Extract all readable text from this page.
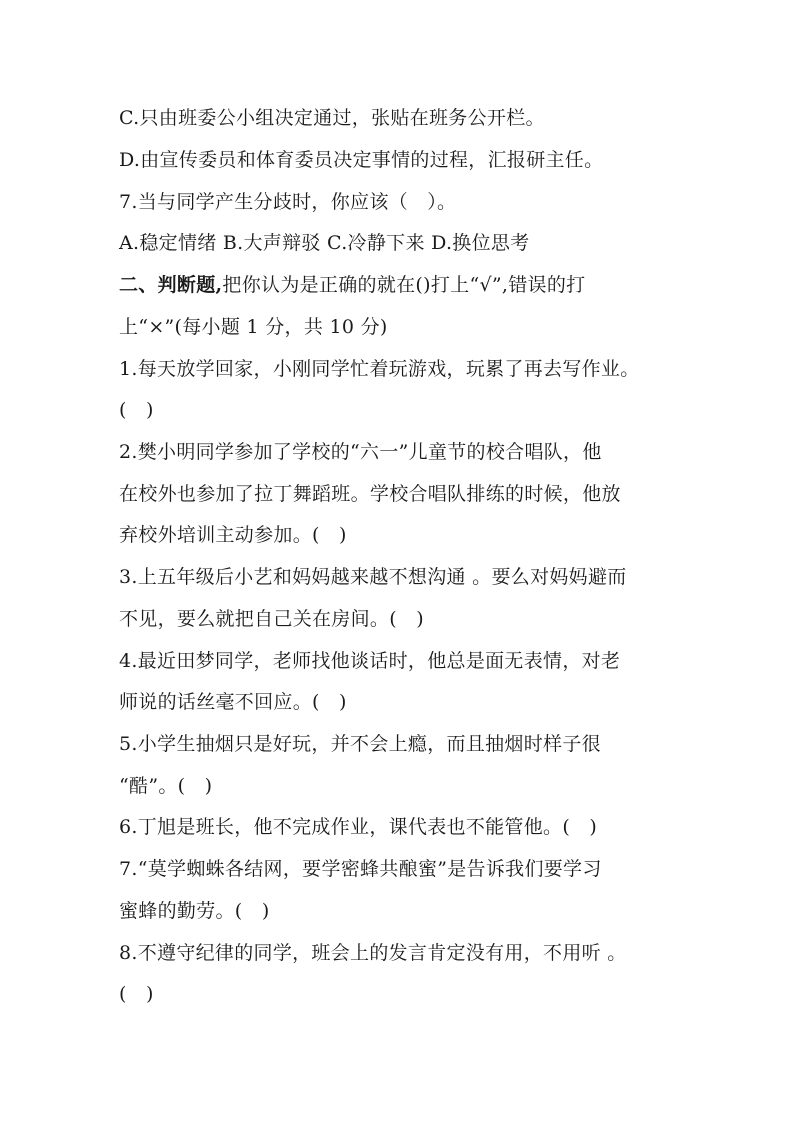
C.只由班委公小组决定通过，张贴在班务公开栏。
D.由宣传委员和体育委员决定事情的过程，汇报研主任。
7.当与同学产生分歧时，你应该（　）。
A.稳定情绪 B.大声辩驳 C.冷静下来 D.换位思考
二、判断题,把你认为是正确的就在()打上“√”,错误的打
上“×”(每小题 1 分，共 10 分)
1.每天放学回家，小刚同学忙着玩游戏，玩累了再去写作业。
(　)
2.樊小明同学参加了学校的“六一”儿童节的校合唱队，他
在校外也参加了拉丁舞蹈班。学校合唱队排练的时候，他放
弃校外培训主动参加。(　)
3.上五年级后小艺和妈妈越来越不想沟通 。要么对妈妈避而
不见，要么就把自己关在房间。(　)
4.最近田梦同学，老师找他谈话时，他总是面无表情，对老
师说的话丝毫不回应。(　)
5.小学生抽烟只是好玩，并不会上瘾，而且抽烟时样子很
“酷”。(　)
6.丁旭是班长，他不完成作业，课代表也不能管他。(　)
7.“莫学蜘蛛各结网，要学密蜂共酿蜜”是告诉我们要学习
蜜蜂的勤劳。(　)
8.不遵守纪律的同学，班会上的发言肯定没有用，不用听 。
(　)
